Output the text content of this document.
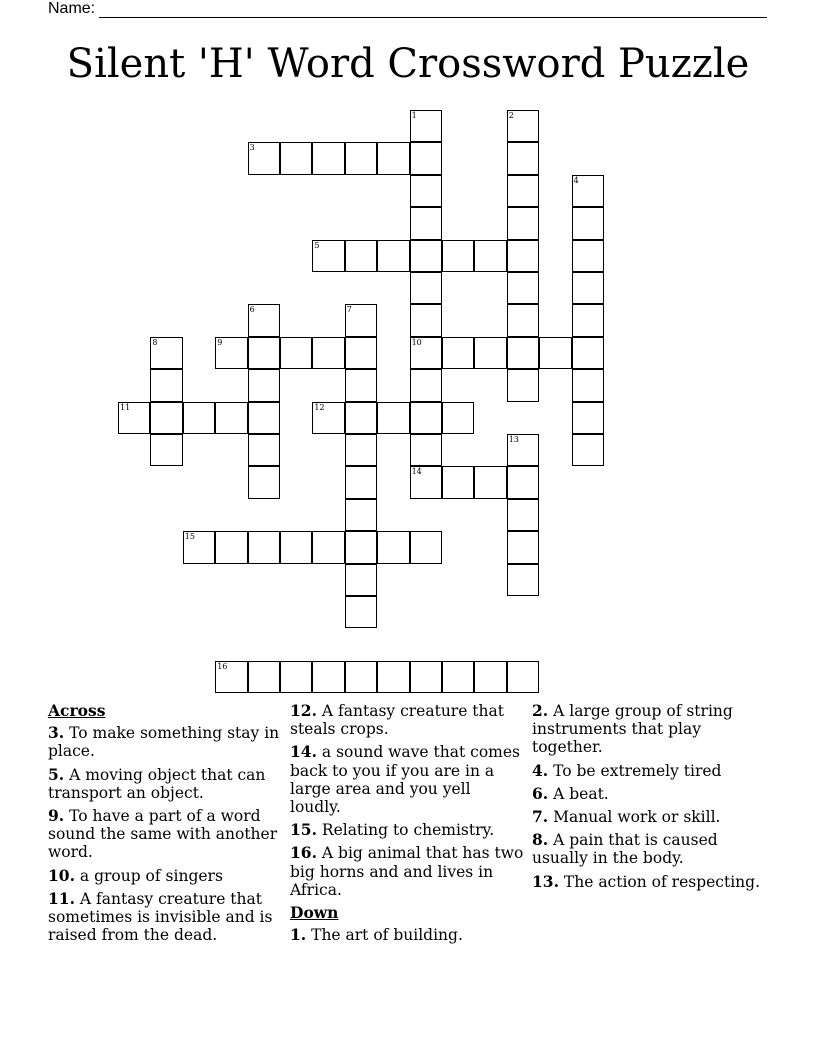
Name:
Silent 'H' Word Crossword Puzzle
1	2
3
4
5
6	7
8	9	10
11	12
13
14
15
16
Across
3. To make something stay in place.
5. A moving object that can transport an object.
9. To have a part of a word sound the same with another word.
10. a group of singers
11. A fantasy creature that sometimes is invisible and is raised from the dead.
12. A fantasy creature that steals crops.
14. a sound wave that comes back to you if you are in a large area and you yell loudly.
15. Relating to chemistry.
16. A big animal that has two big horns and and lives in Africa.
Down
1. The art of building.
2. A large group of string instruments that play together.
4. To be extremely tired
6. A beat.
7. Manual work or skill.
8. A pain that is caused usually in the body.
13. The action of respecting.
